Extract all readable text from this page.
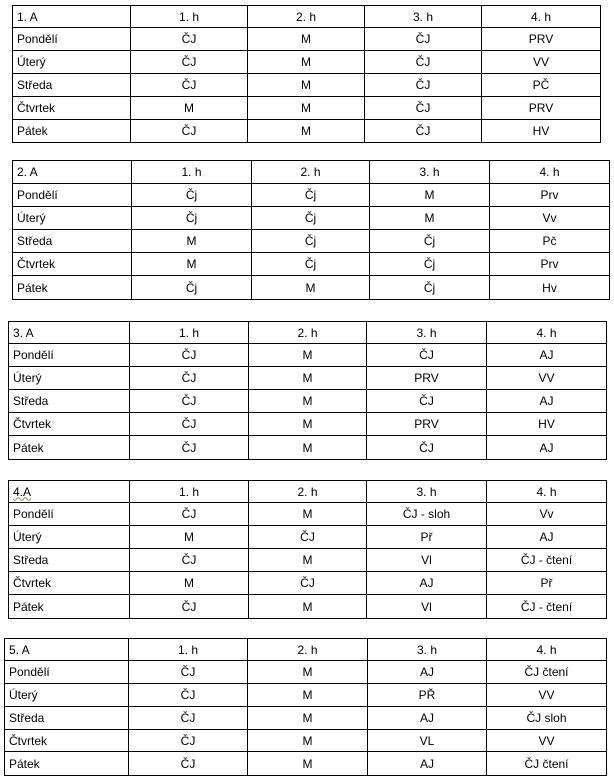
1. A	1. h	2. h	3. h	4. h
Pondělí	ČJ	M	ČJ	PRV
Úterý	ČJ	M	ČJ	VV
Středa	ČJ	M	ČJ	PČ
Čtvrtek	M	M	ČJ	PRV
Pátek	ČJ	M	ČJ	HV
2. A	1. h	2. h	3. h	4. h
Pondělí	Čj	Čj	M	Prv
Úterý	Čj	Čj	M	Vv
Středa	M	Čj	Čj	Pč
Čtvrtek	M	Čj	Čj	Prv
Pátek	Čj	M	Čj	Hv
3. A	1. h	2. h	3. h	4. h
Pondělí	ČJ	M	ČJ	AJ
Úterý	ČJ	M	PRV	VV
Středa	ČJ	M	ČJ	AJ
Čtvrtek	ČJ	M	PRV	HV
Pátek	ČJ	M	ČJ	AJ
4.A	1. h	2. h	3. h	4. h
Pondělí	ČJ	M	ČJ - sloh	Vv
Úterý	M	ČJ	Př	AJ
Středa	ČJ	M	Vl	ČJ - čtení
Čtvrtek	M	ČJ	AJ	Př
Pátek	ČJ	M	Vl	ČJ - čtení
5. A	1. h	2. h	3. h	4. h
Pondělí	ČJ	M	AJ	ČJ čtení
Úterý	ČJ	M	PŘ	VV
Středa	ČJ	M	AJ	ČJ sloh
Čtvrtek	ČJ	M	VL	VV
Pátek	ČJ	M	AJ	ČJ čtení
